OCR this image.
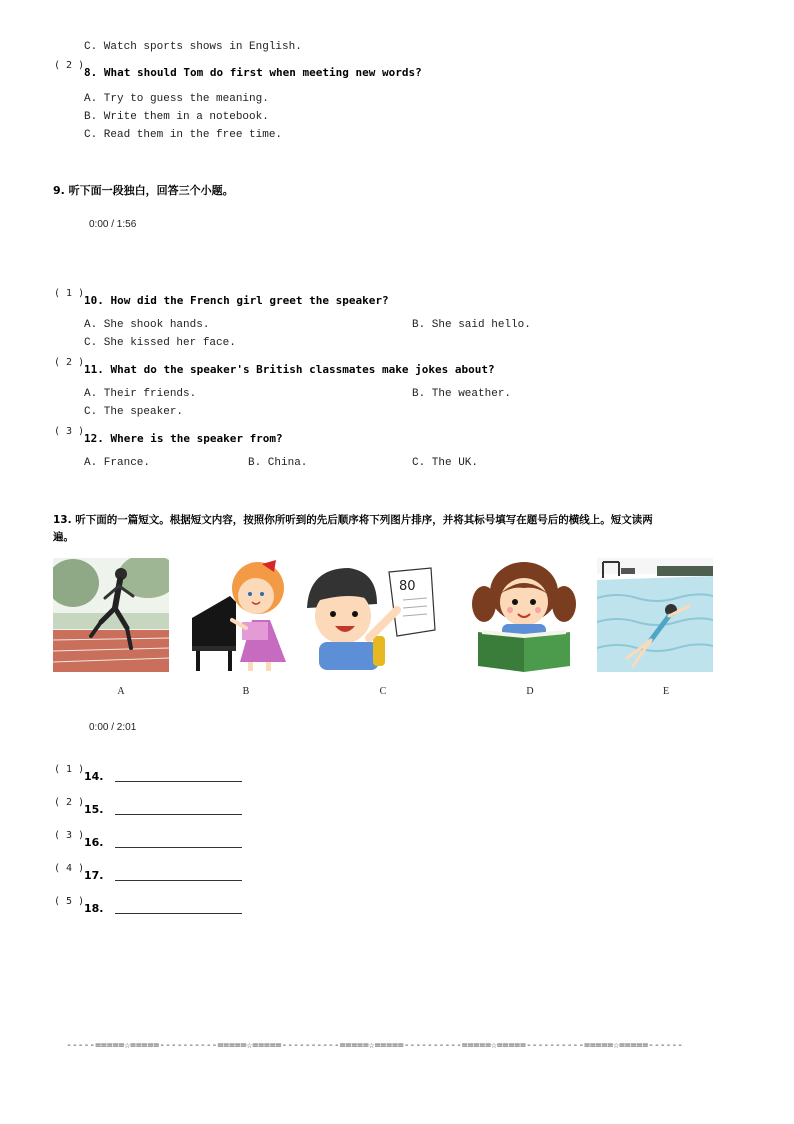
C. Watch sports shows in English.
( 2 )
8. What should Tom do first when meeting new words?
A. Try to guess the meaning.
B. Write them in a notebook.
C. Read them in the free time.
9. 听下面一段独白，回答三个小题。
0:00 / 1:56
( 1 )
10. How did the French girl greet the speaker?
A. She shook hands.	B. She said hello.
C. She kissed her face.
( 2 )
11. What do the speaker's British classmates make jokes about?
A. Their friends.	B. The weather.
C. The speaker.
( 3 )
12. Where is the speaker from?
A. France.	B. China.	C. The UK.
13. 听下面的一篇短文。根据短文内容，按照你所听到的先后顺序将下列图片排序，并将其标号填写在题号后的横线上。短文读两
遍。
80
A	B	C	D	E
0:00 / 2:01
( 1 )
14.
( 2 )
15.
( 3 )
16.
( 4 )
17.
( 5 )
18.
-----=====☆=====----------=====☆=====----------=====☆=====----------=====☆=====----------=====☆=====------
